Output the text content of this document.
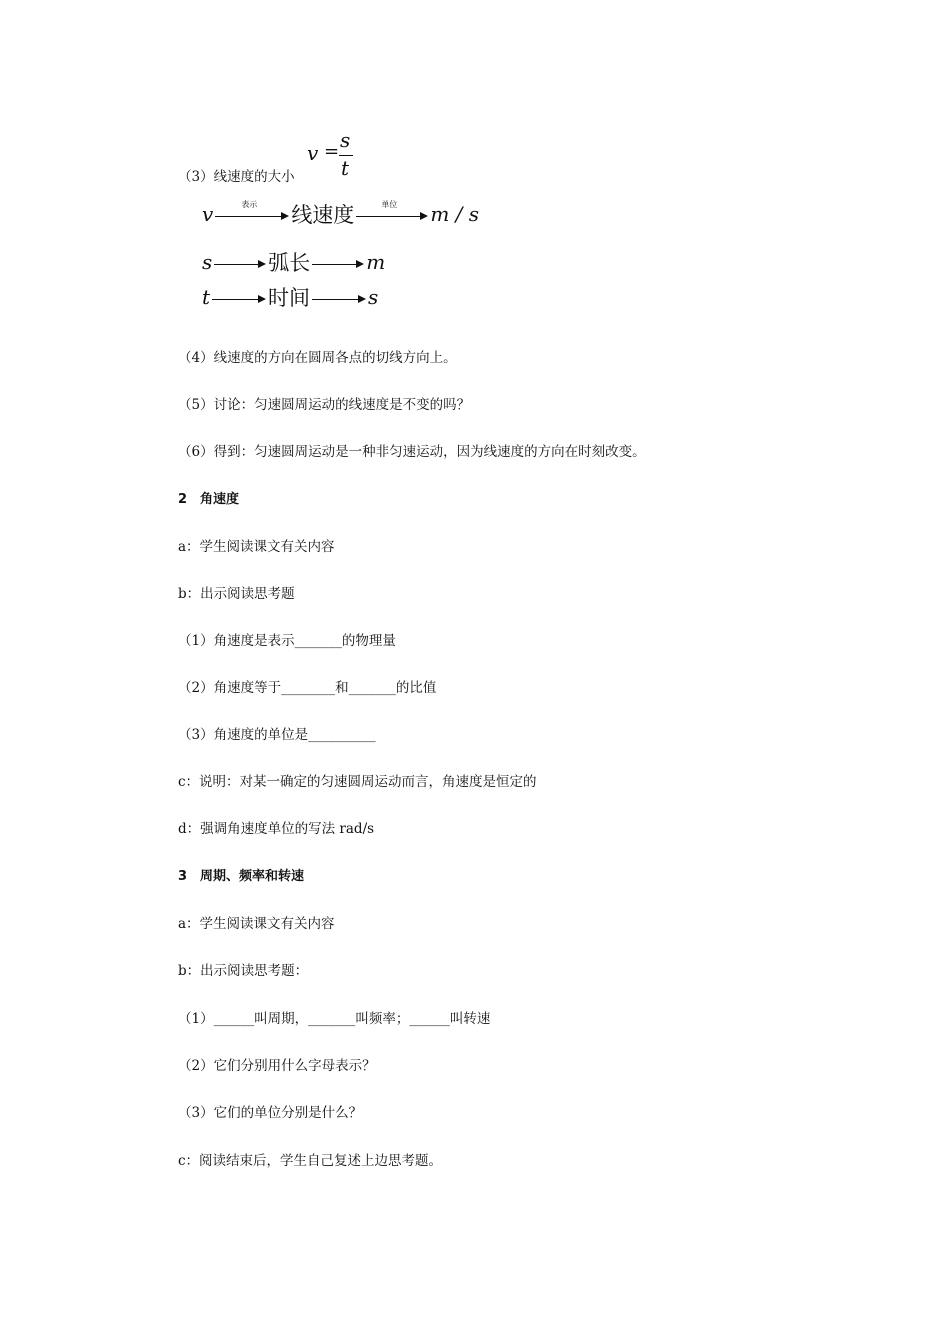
v = s
t
（3）线速度的大小
v	表示	线速度	单位	m / s
s	弧长	m
t	时间	s
（4）线速度的方向在圆周各点的切线方向上。
（5）讨论：匀速圆周运动的线速度是不变的吗？
（6）得到：匀速圆周运动是一种非匀速运动，因为线速度的方向在时刻改变。
2　角速度
a：学生阅读课文有关内容
b：出示阅读思考题
（1）角速度是表示_______的物理量
（2）角速度等于________和_______的比值
（3）角速度的单位是__________
c：说明：对某一确定的匀速圆周运动而言，角速度是恒定的
d：强调角速度单位的写法 rad/s
3　周期、频率和转速
a：学生阅读课文有关内容
b：出示阅读思考题：
（1）______叫周期，_______叫频率；______叫转速
（2）它们分别用什么字母表示？
（3）它们的单位分别是什么？
c：阅读结束后，学生自己复述上边思考题。
